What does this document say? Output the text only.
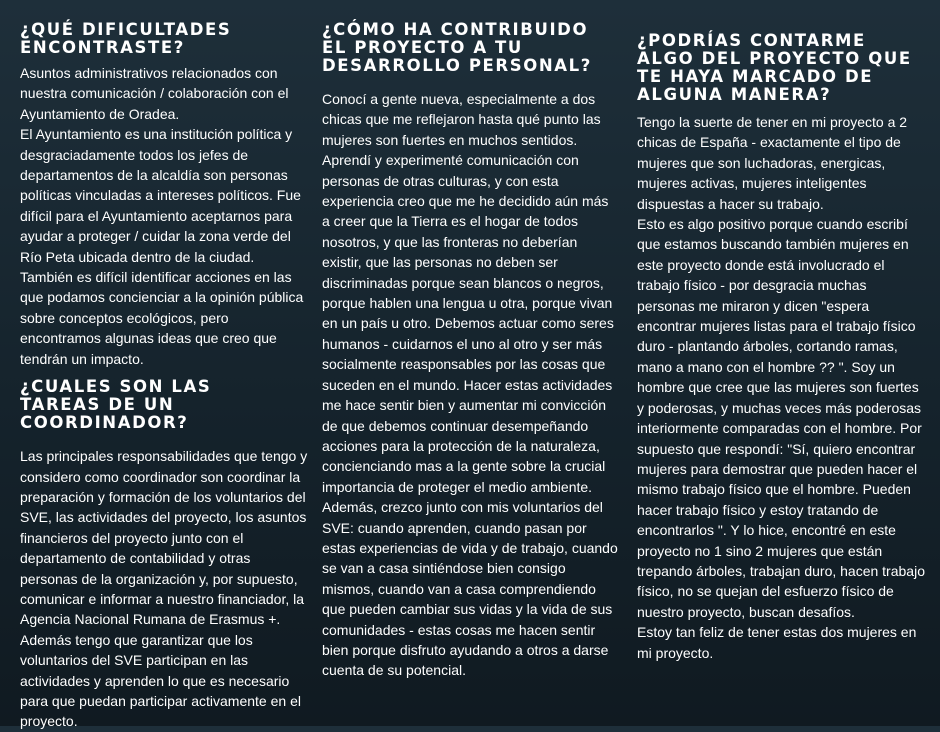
¿QUÉ DIFICULTADES ENCONTRASTE?

Asuntos administrativos relacionados con nuestra comunicación / colaboración con el Ayuntamiento de Oradea.
El Ayuntamiento es una institución política y desgraciadamente todos los jefes de departamentos de la alcaldía son personas políticas vinculadas a intereses políticos. Fue difícil para el Ayuntamiento aceptarnos para ayudar a proteger / cuidar la zona verde del Río Peta ubicada dentro de la ciudad.
También es difícil identificar acciones en las que podamos concienciar a la opinión pública sobre conceptos ecológicos, pero encontramos algunas ideas que creo que tendrán un impacto.

¿CUALES SON LAS TAREAS DE UN COORDINADOR?

Las principales responsabilidades que tengo y considero como coordinador son coordinar la preparación y formación de los voluntarios del SVE, las actividades del proyecto, los asuntos financieros del proyecto junto con el departamento de contabilidad y otras personas de la organización y, por supuesto, comunicar e informar a nuestro financiador, la Agencia Nacional Rumana de Erasmus +.
Además tengo que garantizar que los voluntarios del SVE participan en las actividades y aprenden lo que es necesario para que puedan participar activamente en el proyecto.

¿CÓMO HA CONTRIBUIDO EL PROYECTO A TU DESARROLLO PERSONAL?

Conocí a gente nueva, especialmente a dos chicas que me reflejaron hasta qué punto las mujeres son fuertes en muchos sentidos. Aprendí y experimenté comunicación con personas de otras culturas, y con esta experiencia creo que me he decidido aún más a creer que la Tierra es el hogar de todos nosotros, y que las fronteras no deberían existir, que las personas no deben ser discriminadas porque sean blancos o negros, porque hablen una lengua u otra, porque vivan en un país u otro. Debemos actuar como seres humanos - cuidarnos el uno al otro y ser más socialmente reasponsables por las cosas que suceden en el mundo. Hacer estas actividades me hace sentir bien y aumentar mi convicción de que debemos continuar desempeñando acciones para la protección de la naturaleza, concienciando mas a la gente sobre la crucial importancia de proteger el medio ambiente. Además, crezco junto con mis voluntarios del SVE: cuando aprenden, cuando pasan por estas experiencias de vida y de trabajo, cuando se van a casa sintiéndose bien consigo mismos, cuando van a casa comprendiendo que pueden cambiar sus vidas y la vida de sus comunidades - estas cosas me hacen sentir bien porque disfruto ayudando a otros a darse cuenta de su potencial.

¿PODRÍAS CONTARME ALGO DEL PROYECTO QUE TE HAYA MARCADO DE ALGUNA MANERA?

Tengo la suerte de tener en mi proyecto a 2 chicas de España - exactamente el tipo de mujeres que son luchadoras, energicas, mujeres activas, mujeres inteligentes dispuestas a hacer su trabajo.
Esto es algo positivo porque cuando escribí que estamos buscando también mujeres en este proyecto donde está involucrado el trabajo físico - por desgracia muchas personas me miraron y dicen "espera encontrar mujeres listas para el trabajo físico duro - plantando árboles, cortando ramas, mano a mano con el hombre ?? ". Soy un hombre que cree que las mujeres son fuertes y poderosas, y muchas veces más poderosas interiormente comparadas con el hombre. Por supuesto que respondí: "Sí, quiero encontrar mujeres para demostrar que pueden hacer el mismo trabajo físico que el hombre. Pueden hacer trabajo físico y estoy tratando de encontrarlos ". Y lo hice, encontré en este proyecto no 1 sino 2 mujeres que están trepando árboles, trabajan duro, hacen trabajo físico, no se quejan del esfuerzo físico de nuestro proyecto, buscan desafíos.
Estoy tan feliz de tener estas dos mujeres en mi proyecto.
